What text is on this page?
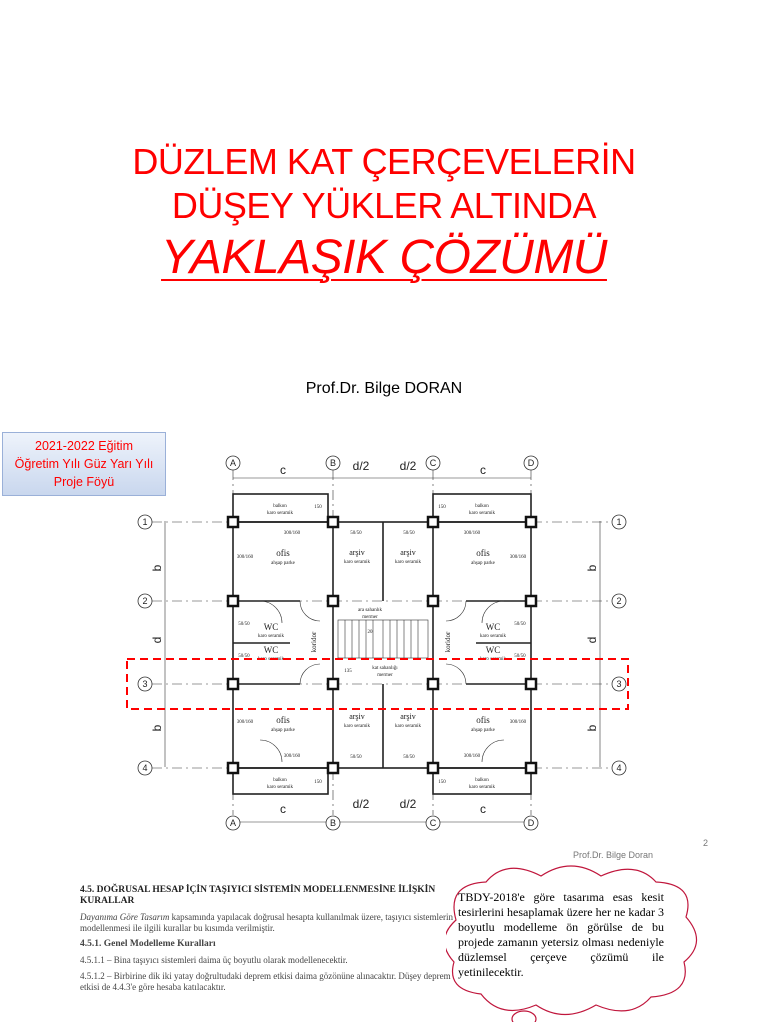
DÜZLEM KAT ÇERÇEVELERİN
DÜŞEY YÜKLER ALTINDA
YAKLAŞIK ÇÖZÜMÜ
Prof.Dr. Bilge DORAN
2021-2022 Eğitim
Öğretim Yılı Güz Yarı Yılı
Proje Föyü
A	B	C	D
A	B	C	D
1
2
3
4
1
2
3
4
c	d/2	d/2	c
c	d/2	d/2	c
b
d
b
b
d
b
balkon
karo seramik
balkon
karo seramik
balkon
karo seramik
balkon
karo seramik
ofis
ahşap parke
ofis
ahşap parke
ofis
ahşap parke
ofis
ahşap parke
arşiv
karo seramik
arşiv
karo seramik
arşiv
karo seramik
arşiv
karo seramik
WC
karo seramik
WC
karo seramik
WC
karo seramik
WC
karo seramik
koridor	koridor
ara sahanlık
mermer
kat sahanlığı
mermer
300/160	300/160
300/160	300/160
300/160	300/160
300/160	300/160
50/50
50/50
50/50
50/50
50/50	50/50
50/50	50/50
150	150
150	150
135
20
2
Prof.Dr. Bilge Doran
4.5. DOĞRUSAL HESAP İÇİN TAŞIYICI SİSTEMİN MODELLENMESİNE İLİŞKİN KURALLAR
Dayanıma Göre Tasarım kapsamında yapılacak doğrusal hesapta kullanılmak üzere, taşıyıcı sistemlerin modellenmesi ile ilgili kurallar bu kısımda verilmiştir.
4.5.1. Genel Modelleme Kuralları
4.5.1.1 – Bina taşıyıcı sistemleri daima üç boyutlu olarak modellenecektir.
4.5.1.2 – Birbirine dik iki yatay doğrultudaki deprem etkisi daima gözönüne alınacaktır. Düşey deprem etkisi de 4.4.3'e göre hesaba katılacaktır.
TBDY-2018'e göre tasarıma esas kesit tesirlerini hesaplamak üzere her ne kadar 3 boyutlu modelleme ön görülse de bu projede zamanın yetersiz olması nedeniyle düzlemsel çerçeve çözümü ile yetinilecektir.
